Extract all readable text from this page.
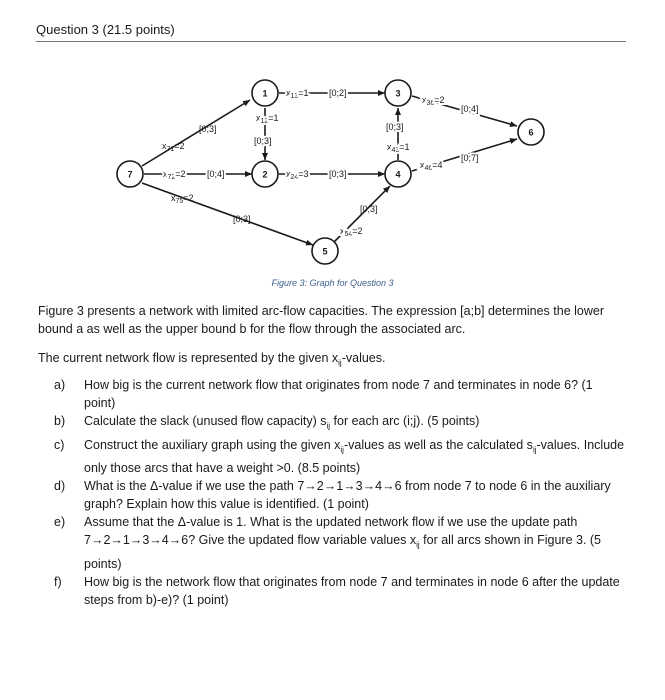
Question 3 (21.5 points)
[0;3]
$x_{71}=2$
$x_{72}=2$ [0;4]
$x_{75}=2$
[0;3]
$x_{13}=1$ [0;2]
$x_{12}=1$
[0;3]
$x_{24}=3$ [0;3]
[0;3]
$x_{43}=1$
$x_{36}=2$
[0;4]
$x_{46}=4$
[0;7]
[0;3]
$x_{54}=2$
1
2
3
4
5
6
7
Figure 3: Graph for Question 3

Figure 3 presents a network with limited arc-flow capacities. The expression [a;b] determines the lower bound a as well as the upper bound b for the flow through the associated arc.

The current network flow is represented by the given $x_{ij}$-values.

a) How big is the current network flow that originates from node 7 and terminates in node 6? (1 point)
b) Calculate the slack (unused flow capacity) $s_{ij}$ for each arc (i;j). (5 points)
c) Construct the auxiliary graph using the given $x_{ij}$-values as well as the calculated $s_{ij}$-values. Include only those arcs that have a weight >0. (8.5 points)
d) What is the Δ-value if we use the path 7→2→1→3→4→6 from node 7 to node 6 in the auxiliary graph? Explain how this value is identified. (1 point)
e) Assume that the Δ-value is 1. What is the updated network flow if we use the update path 7→2→1→3→4→6? Give the updated flow variable values $x_{ij}$ for all arcs shown in Figure 3. (5 points)
f) How big is the network flow that originates from node 7 and terminates in node 6 after the update steps from b)-e)? (1 point)
